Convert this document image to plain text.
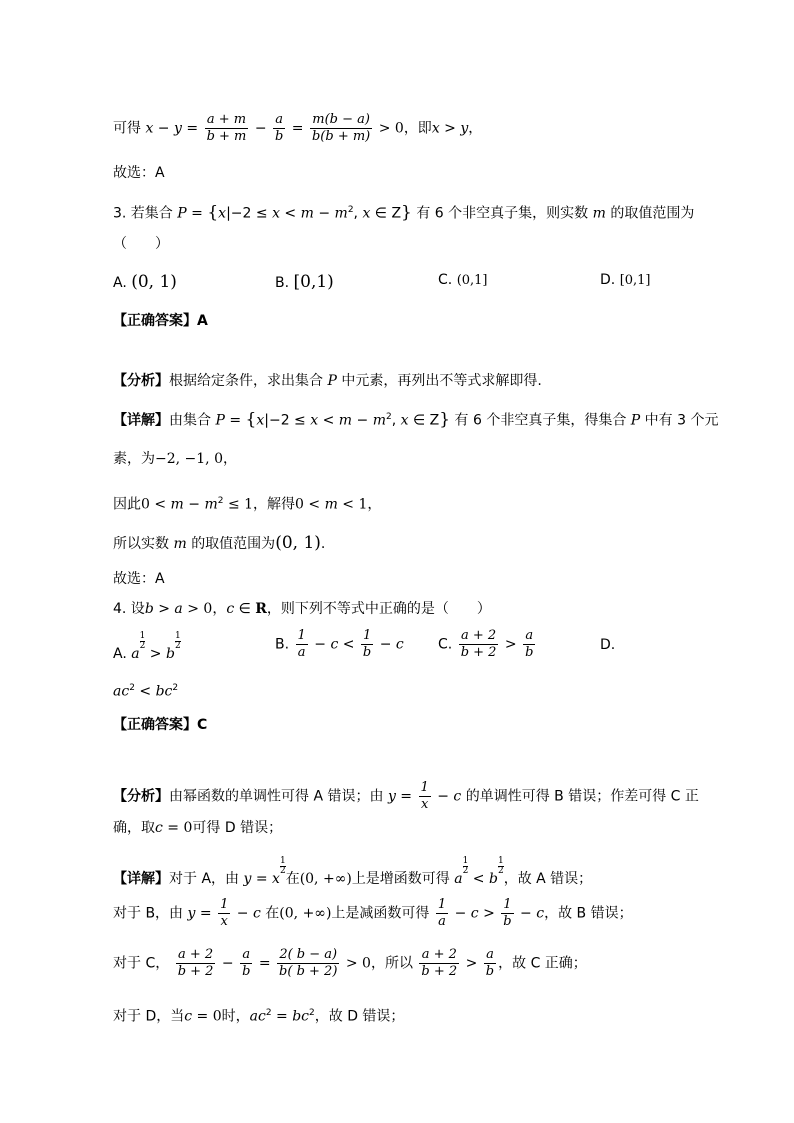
可得 $x - y = \frac{a + m}{b + m} - \frac{a}{b} = \frac{m(b - a)}{b(b + m)} > 0$，即x > y，
故选：A
3. 若集合 $P = \{x|-2 \le x < m - m^2$, x ∈ Z} 有 6 个非空真子集，则实数 m 的取值范围为
（　　）
A. (0, 1)	B. [0,1)	C. (0,1]	D. [0,1]
【正确答案】A
【分析】根据给定条件，求出集合 P 中元素，再列出不等式求解即得.
【详解】由集合 $P = \{x|-2 \le x < m - m^2$, x ∈ Z} 有 6 个非空真子集，得集合 P 中有 3 个元
素，为−2, −1, 0，
因此$0 < m - m^2 \le 1$，解得0 < m < 1，
所以实数 m 的取值范围为(0, 1).
故选：A
4. 设b > a > 0，c ∈ R，则下列不等式中正确的是（　　）
A. a
$\frac{1}{2}$
> b
$\frac{1}{2}$	B. $\frac{1}{a} - c < \frac{1}{b} - c$ C. $\frac{a + 2}{b + 2} > \frac{a}{b}$	D.
$ac^2 < bc^2$
【正确答案】C
【分析】由幂函数的单调性可得 A 错误；由 $y = \frac{1}{x} - c$ 的单调性可得 B 错误；作差可得 C 正
确，取c = 0可得 D 错误；
【详解】对于 A，由 y = x
$\frac{1}{2}$
在(0, +∞)上是增函数可得 a
$\frac{1}{2}$
< b
$\frac{1}{2}$
，故 A 错误；
对于 B，由 $y = \frac{1}{x} - c$ 在(0, +∞)上是减函数可得 $\frac{1}{a} - c > \frac{1}{b} - c$，故 B 错误；
对于 C， $\frac{a + 2}{b + 2} - \frac{a}{b} = \frac{2( b - a)}{b( b + 2)} > 0$，所以 $\frac{a + 2}{b + 2} > \frac{a}{b}$ ，故 C 正确；
对于 D，当c = 0时，$ac^2 = bc^2$，故 D 错误；
